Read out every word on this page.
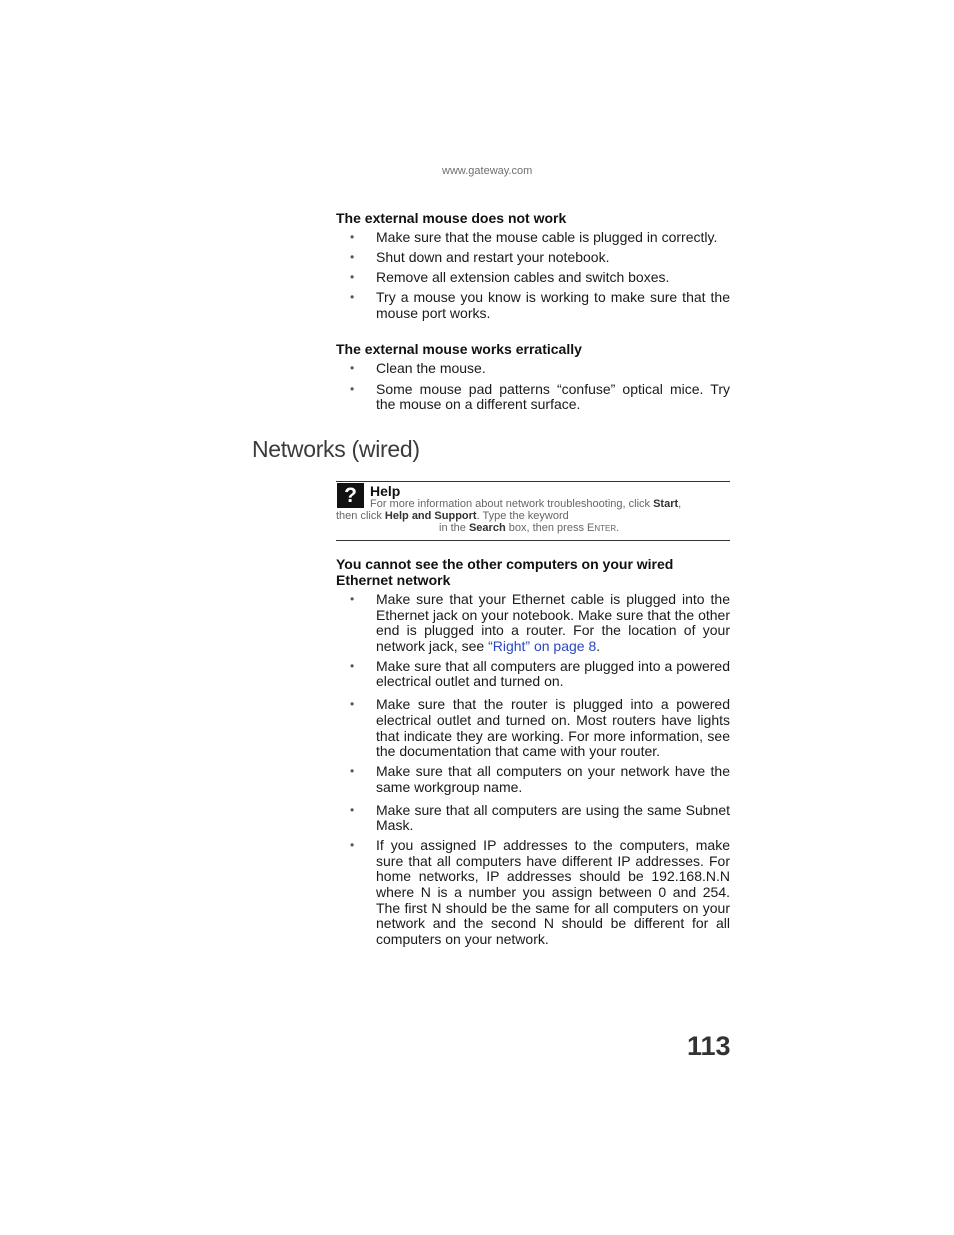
www.gateway.com
The external mouse does not work
• Make sure that the mouse cable is plugged in correctly.
• Shut down and restart your notebook.
• Remove all extension cables and switch boxes.
• Try a mouse you know is working to make sure that the mouse port works.
The external mouse works erratically
• Clean the mouse.
• Some mouse pad patterns “confuse” optical mice. Try the mouse on a different surface.
Networks (wired)
? Help
For more information about network troubleshooting, click Start,
then click Help and Support. Type the keyword
in the Search box, then press ENTER.
You cannot see the other computers on your wired Ethernet network
• Make sure that your Ethernet cable is plugged into the Ethernet jack on your notebook. Make sure that the other end is plugged into a router. For the location of your network jack, see “Right” on page 8.
• Make sure that all computers are plugged into a powered electrical outlet and turned on.
• Make sure that the router is plugged into a powered electrical outlet and turned on. Most routers have lights that indicate they are working. For more information, see the documentation that came with your router.
• Make sure that all computers on your network have the same workgroup name.
• Make sure that all computers are using the same Subnet Mask.
• If you assigned IP addresses to the computers, make sure that all computers have different IP addresses. For home networks, IP addresses should be 192.168.N.N where N is a number you assign between 0 and 254. The first N should be the same for all computers on your network and the second N should be different for all computers on your network.
113
